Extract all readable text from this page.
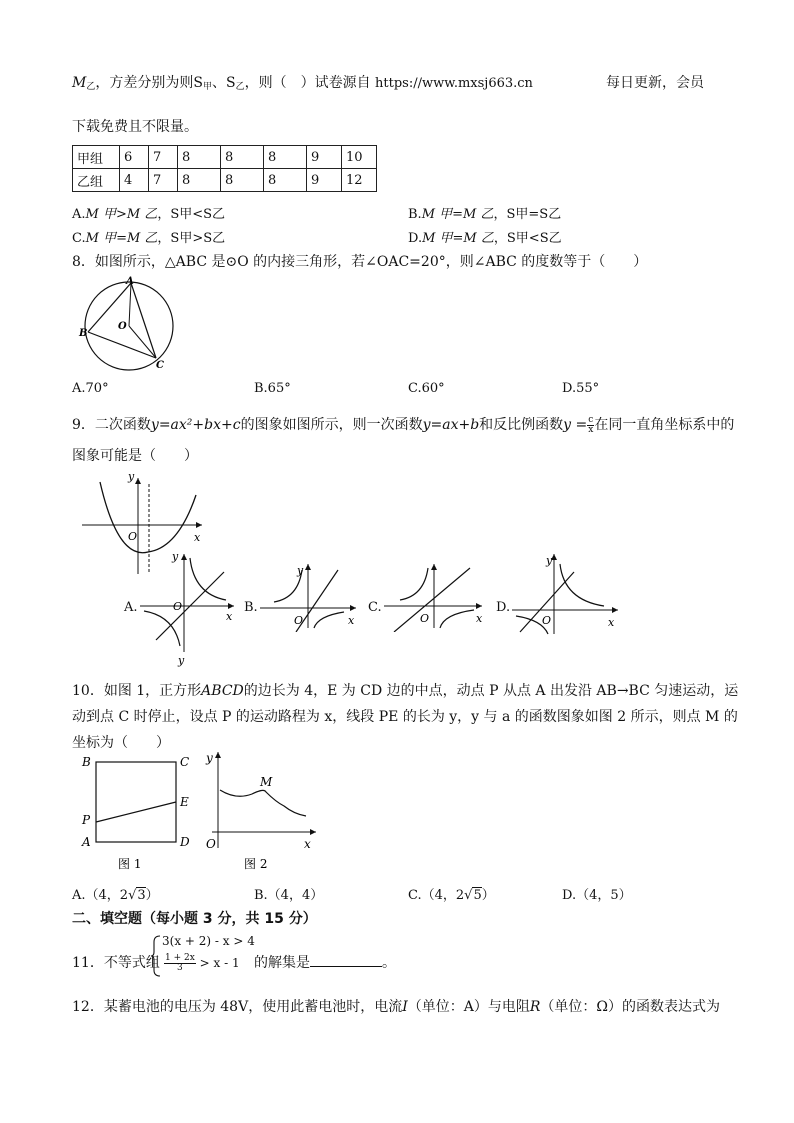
$M_乙$，方差分别为则$S_甲$、$S_乙$，则（　）试卷源自 https://www.mxsj663.cn	每日更新，会员
下载免费且不限量。
甲组	6	7	8	8	8	9	10
乙组	4	7	8	8	8	9	12
A.M 甲>M 乙，S甲<S乙	B.M 甲=M 乙，S甲=S乙
C.M 甲=M 乙，S甲>S乙	D.M 甲=M 乙，S甲<S乙
8．如图所示，△ABC 是⊙O 的内接三角形，若∠OAC=20°，则∠ABC 的度数等于（　　）
A
B
C
O
A.70°	B.65°	C.60°	D.55°
9．二次函数y=ax²+bx+c的图象如图所示，则一次函数y=ax+b和反比例函数$y = \frac{c}{x}$ 在同一直角坐标系中的
图象可能是（　　）
y
x
O
A.
y
x
O
y
B.
y
x
O
C.
x
O
D.
y
x
O
10．如图 1，正方形ABCD的边长为 4，E 为 CD 边的中点，动点 P 从点 A 出发沿 AB→BC 匀速运动，运
动到点 C 时停止，设点 P 的运动路程为 x，线段 PE 的长为 y，y 与 a 的函数图象如图 2 所示，则点 M 的
坐标为（　　）
B	C
E
P
A	D
图 1
y
M
O	x
图 2
A.（4，2√3）	B.（4，4）	C.（4，2√5）	D.（4，5）
二、填空题（每小题 3 分，共 15 分）
11．不等式组
3(x + 2) - x > 4
$\frac{1 + 2x}{3} > x - 1$ 的解集是	。
12．某蓄电池的电压为 48V，使用此蓄电池时，电流I（单位：A）与电阻R（单位：Ω）的函数表达式为
